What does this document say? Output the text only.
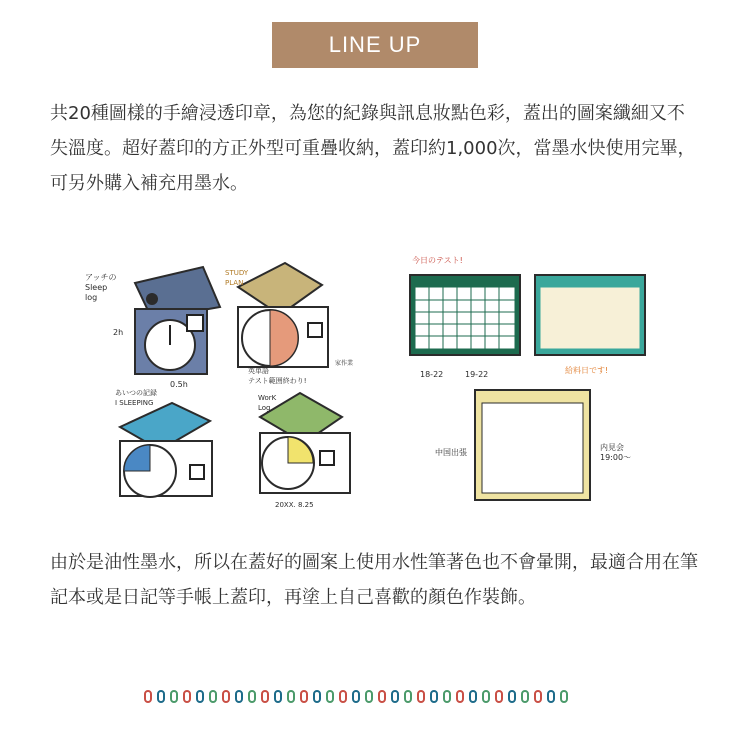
LINE UP

共20種圖樣的手繪浸透印章，為您的紀錄與訊息妝點色彩，蓋出的圖案纖細又不失溫度。超好蓋印的方正外型可重疊收納，蓋印約1,000次，當墨水快使用完畢，可另外購入補充用墨水。

アッチの
Sleep
log
2h
0.5h
STUDY
PLAN
英単語
テスト範囲終わり!
家作業
あいつの記録
I SLEEPING
WorK
Log
20XX. 8.25
今日のテスト!
18-22	19-22	給料日です!
中国出張
内見会
19:00〜

由於是油性墨水，所以在蓋好的圖案上使用水性筆著色也不會暈開，最適合用在筆記本或是日記等手帳上蓋印，再塗上自己喜歡的顏色作裝飾。
